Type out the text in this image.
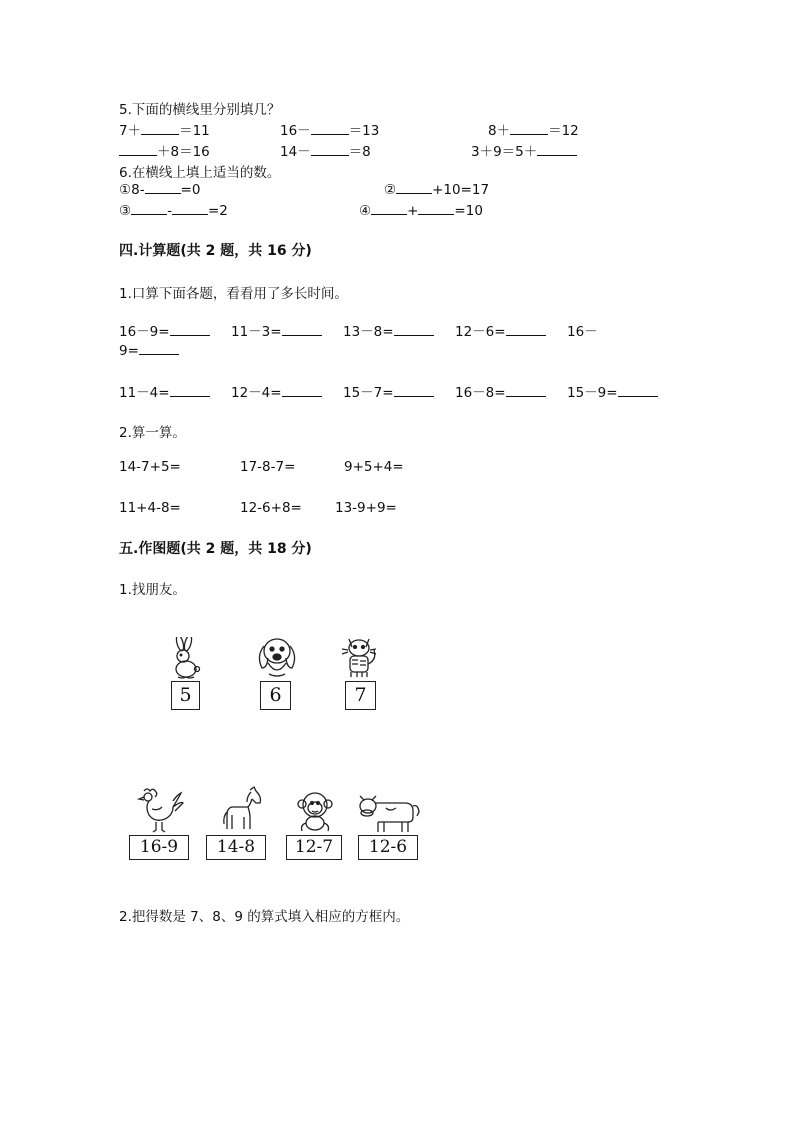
5.下面的横线里分别填几？
7＋	＝11	16－	＝13	8＋	＝12
＋8＝16	14－	＝8	3＋9＝5＋
6.在横线上填上适当的数。
①8-	=0	②	+10=17
③	-	=2	④	+	=10
四.计算题(共 2 题，共 16 分)
1.口算下面各题，看看用了多长时间。
16－9=	11－3=	13－8=	12－6=	16－
9=
11－4=	12－4=	15－7=	16－8=	15－9=
2.算一算。
14-7+5=	17-8-7=	9+5+4=
11+4-8=	12-6+8= 13-9+9=
五.作图题(共 2 题，共 18 分)
1.找朋友。
5	6	7
16-9	14-8	12-7	12-6
2.把得数是 7、8、9 的算式填入相应的方框内。
